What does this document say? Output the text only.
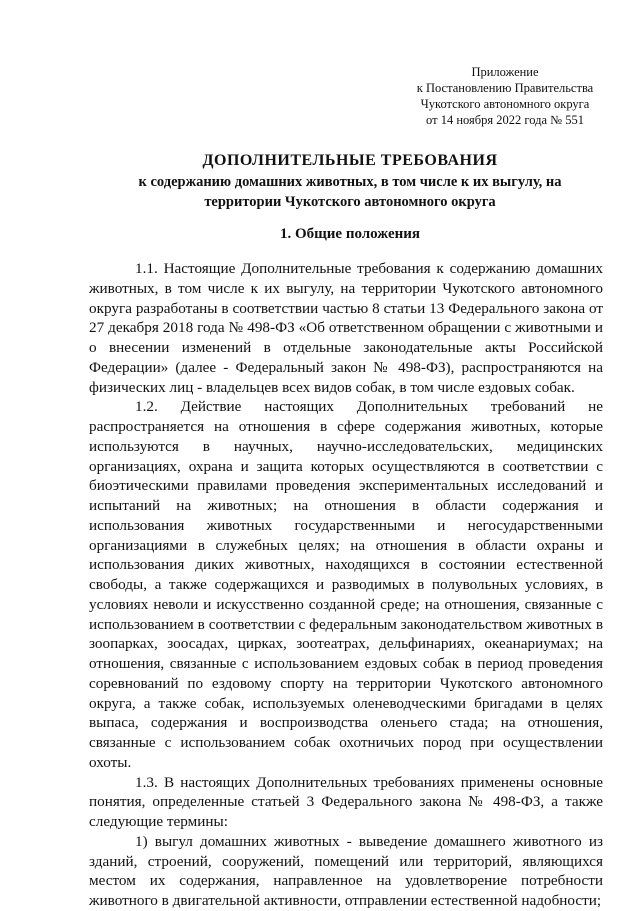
Приложение
к Постановлению Правительства
Чукотского автономного округа
от 14 ноября 2022 года № 551
ДОПОЛНИТЕЛЬНЫЕ ТРЕБОВАНИЯ
к содержанию домашних животных, в том числе к их выгулу, на
территории Чукотского автономного округа
1. Общие положения

1.1. Настоящие Дополнительные требования к содержанию домашних животных, в том числе к их выгулу, на территории Чукотского автономного округа разработаны в соответствии частью 8 статьи 13 Федерального закона от 27 декабря 2018 года № 498-ФЗ «Об ответственном обращении с животными и о внесении изменений в отдельные законодательные акты Российской Федерации» (далее - Федеральный закон № 498-ФЗ), распространяются на физических лиц - владельцев всех видов собак, в том числе ездовых собак.

1.2. Действие настоящих Дополнительных требований не распространяется на отношения в сфере содержания животных, которые используются в научных, научно-исследовательских, медицинских организациях, охрана и защита которых осуществляются в соответствии с биоэтическими правилами проведения экспериментальных исследований и испытаний на животных; на отношения в области содержания и использования животных государственными и негосударственными организациями в служебных целях; на отношения в области охраны и использования диких животных, находящихся в состоянии естественной свободы, а также содержащихся и разводимых в полувольных условиях, в условиях неволи и искусственно созданной среде; на отношения, связанные с использованием в соответствии с федеральным законодательством животных в зоопарках, зоосадах, цирках, зоотеатрах, дельфинариях, океанариумах; на отношения, связанные с использованием ездовых собак в период проведения соревнований по ездовому спорту на территории Чукотского автономного округа, а также собак, используемых оленеводческими бригадами в целях выпаса, содержания и воспроизводства оленьего стада; на отношения, связанные с использованием собак охотничьих пород при осуществлении охоты.

1.3. В настоящих Дополнительных требованиях применены основные понятия, определенные статьей 3 Федерального закона № 498-ФЗ, а также следующие термины:

1) выгул домашних животных - выведение домашнего животного из зданий, строений, сооружений, помещений или территорий, являющихся местом их содержания, направленное на удовлетворение потребности животного в двигательной активности, отправлении естественной надобности;
